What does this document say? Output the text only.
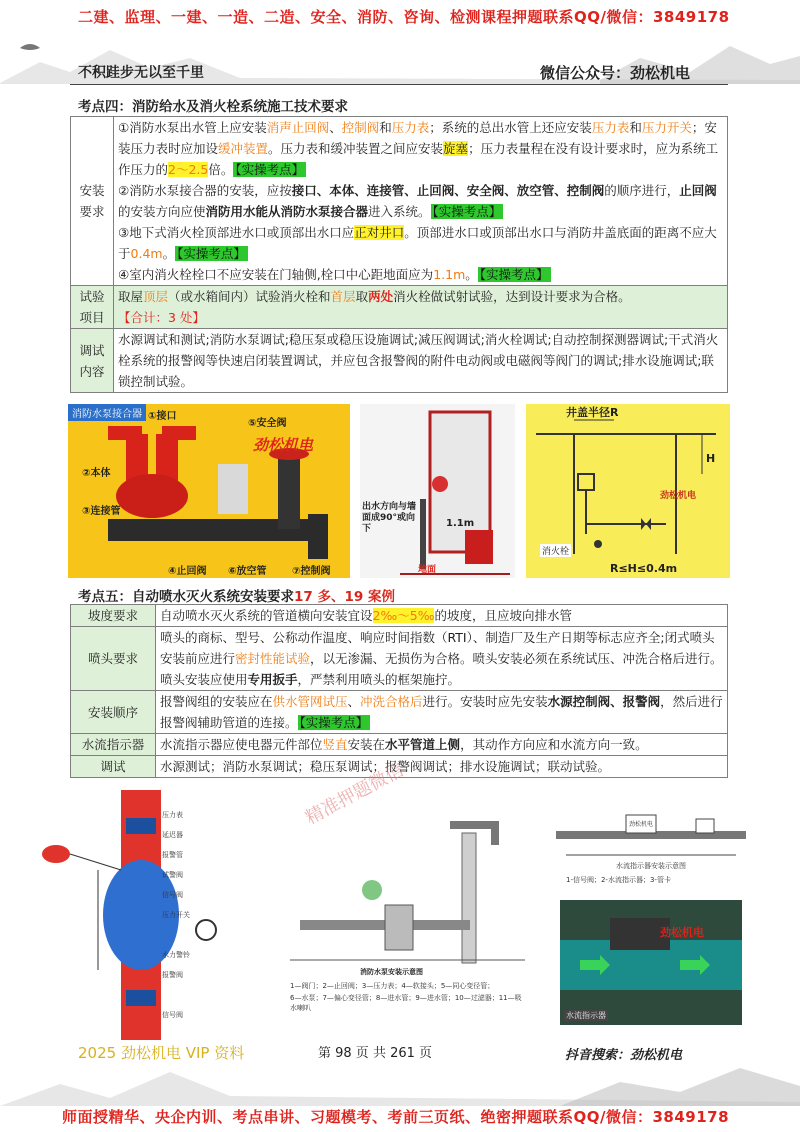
二建、监理、一建、一造、二造、安全、消防、咨询、检测课程押题联系QQ/微信：3849178
不积跬步无以至千里	微信公众号：劲松机电
考点四：消防给水及消火栓系统施工技术要求
安装要求	①消防水泵出水管上应安装消声止回阀、控制阀和压力表；系统的总出水管上还应安装压力表和压力开关；安装压力表时应加设缓冲装置。压力表和缓冲装置之间应安装旋塞；压力表量程在没有设计要求时，应为系统工作压力的2～2.5倍。 【实操考点】
②消防水泵接合器的安装，应按接口、本体、连接管、止回阀、安全阀、放空管、控制阀的顺序进行，止回阀的安装方向应使消防用水能从消防水泵接合器进入系统。 【实操考点】
③地下式消火栓顶部进水口或顶部出水口应正对井口。顶部进水口或顶部出水口与消防井盖底面的距离不应大于0.4m。 【实操考点】
④室内消火栓栓口不应安装在门轴侧,栓口中心距地面应为1.1m。 【实操考点】

试验项目	取屋顶层（或水箱间内）试验消火栓和首层取两处消火栓做试射试验，达到设计要求为合格。
【合计：3 处】

调试内容	水源调试和测试;消防水泵调试;稳压泵或稳压设施调试;减压阀调试;消火栓调试;自动控制探测器调试;干式消火栓系统的报警阀等快速启闭装置调试，并应包含报警阀的附件电动阀或电磁阀等阀门的调试;排水设施调试;联锁控制试验。
消防水泵接合器
劲松机电
①接口
②本体
③连接管
④止回阀
⑤安全阀
⑥放空管	⑦控制阀
出水方向与墙面成90°或向下	1.1m
地面
井盖半径R
H
劲松机电
消火栓
R≤H≤0.4m
考点五：自动喷水灭火系统安装要求17 多、19 案例
坡度要求	自动喷水灭火系统的管道横向安装宜设2‰～5‰的坡度，且应坡向排水管
喷头要求	喷头的商标、型号、公称动作温度、响应时间指数（RTI）、制造厂及生产日期等标志应齐全;闭式喷头安装前应进行密封性能试验，以无渗漏、无损伤为合格。喷头安装必须在系统试压、冲洗合格后进行。喷头安装应使用专用扳手，严禁利用喷头的框架施拧。
安装顺序	报警阀组的安装应在供水管网试压、冲洗合格后进行。安装时应先安装水源控制阀、报警阀，然后进行报警阀辅助管道的连接。 【实操考点】
水流指示器	水流指示器应使电器元件部位竖直安装在水平管道上侧，其动作方向应和水流方向一致。
调试	水源测试；消防水泵调试；稳压泵调试；报警阀调试；排水设施调试；联动试验。
精准押题微信
压力表
延迟器
报警管
试警阀
信号阀
压力开关
水力警铃
报警阀
信号阀
消防水泵安装示意图
1—阀门；2—止回阀；3—压力表；4—软接头；5—同心变径管；
6—水泵；7—偏心变径管；8—进水管；9—进水管；10—过滤器；11—吸水喇叭
劲松机电
水流指示器安装示意图
1-信号阀；2-水流指示器；3-管卡
劲松机电
水流指示器
2025 劲松机电 VIP 资料	第 98 页 共 261 页	抖音搜索：劲松机电
师面授精华、央企内训、考点串讲、习题模考、考前三页纸、绝密押题联系QQ/微信：3849178
